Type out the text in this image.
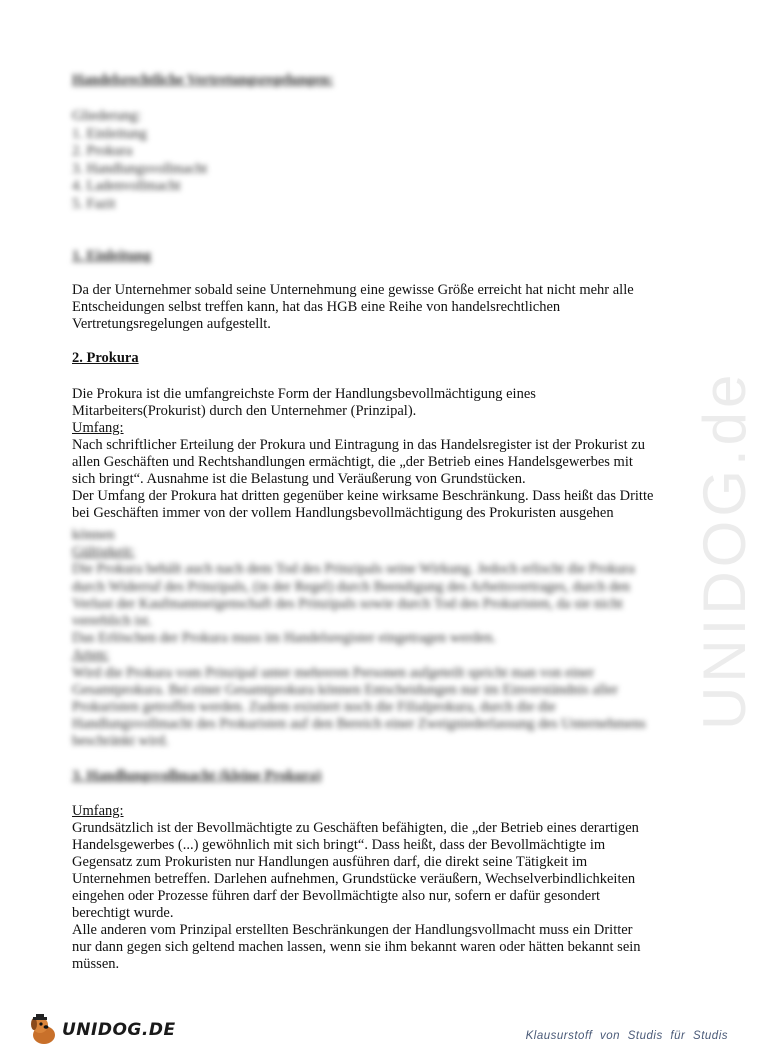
UNIDOG.de
Handelsrechtliche Vertretungsregelungen:
Gliederung:
1. Einleitung
2. Prokura
3. Handlungsvollmacht
4. Ladenvollmacht
5. Fazit
1. Einleitung
Da der Unternehmer sobald seine Unternehmung eine gewisse Größe erreicht hat nicht mehr alle
Entscheidungen selbst treffen kann, hat das HGB eine Reihe von handelsrechtlichen
Vertretungsregelungen aufgestellt.
2. Prokura
Die Prokura ist die umfangreichste Form der Handlungsbevollmächtigung eines
Mitarbeiters(Prokurist) durch den Unternehmer (Prinzipal).
Umfang:
Nach schriftlicher Erteilung der Prokura und Eintragung in das Handelsregister ist der Prokurist zu
allen Geschäften und Rechtshandlungen ermächtigt, die „der Betrieb eines Handelsgewerbes mit
sich bringt“. Ausnahme ist die Belastung und Veräußerung von Grundstücken.
Der Umfang der Prokura hat dritten gegenüber keine wirksame Beschränkung. Dass heißt das Dritte
bei Geschäften immer von der vollem Handlungsbevollmächtigung des Prokuristen ausgehen
können
Gültigkeit:
Die Prokura behält auch nach dem Tod des Prinzipals seine Wirkung. Jedoch erlischt die Prokura
durch Widerruf des Prinzipals, (in der Regel) durch Beendigung des Arbeitsvertrages, durch den
Verlust der Kaufmannseigenschaft des Prinzipals sowie durch Tod des Prokuristen, da sie nicht
vererblich ist.
Das Erlöschen der Prokura muss im Handelsregister eingetragen werden.
Arten:
Wird die Prokura vom Prinzipal unter mehreren Personen aufgeteilt spricht man von einer
Gesamtprokura. Bei einer Gesamtprokura können Entscheidungen nur im Einverständnis aller
Prokuristen getroffen werden. Zudem existiert noch die Filialprokura, durch die die
Handlungsvollmacht des Prokuristen auf den Bereich einer Zweigniederlassung des Unternehmens
beschränkt wird.
3. Handlungsvollmacht (kleine Prokura)
Umfang:
Grundsätzlich ist der Bevollmächtigte zu Geschäften befähigten, die „der Betrieb eines derartigen
Handelsgewerbes (...) gewöhnlich mit sich bringt“. Dass heißt, dass der Bevollmächtigte im
Gegensatz zum Prokuristen nur Handlungen ausführen darf, die direkt seine Tätigkeit im
Unternehmen betreffen. Darlehen aufnehmen, Grundstücke veräußern, Wechselverbindlichkeiten
eingehen oder Prozesse führen darf der Bevollmächtigte also nur, sofern er dafür gesondert
berechtigt wurde.
Alle anderen vom Prinzipal erstellten Beschränkungen der Handlungsvollmacht muss ein Dritter
nur dann gegen sich geltend machen lassen, wenn sie ihm bekannt waren oder hätten bekannt sein
müssen.
UNIDOG.DE	Klausurstoff von Studis für Studis
